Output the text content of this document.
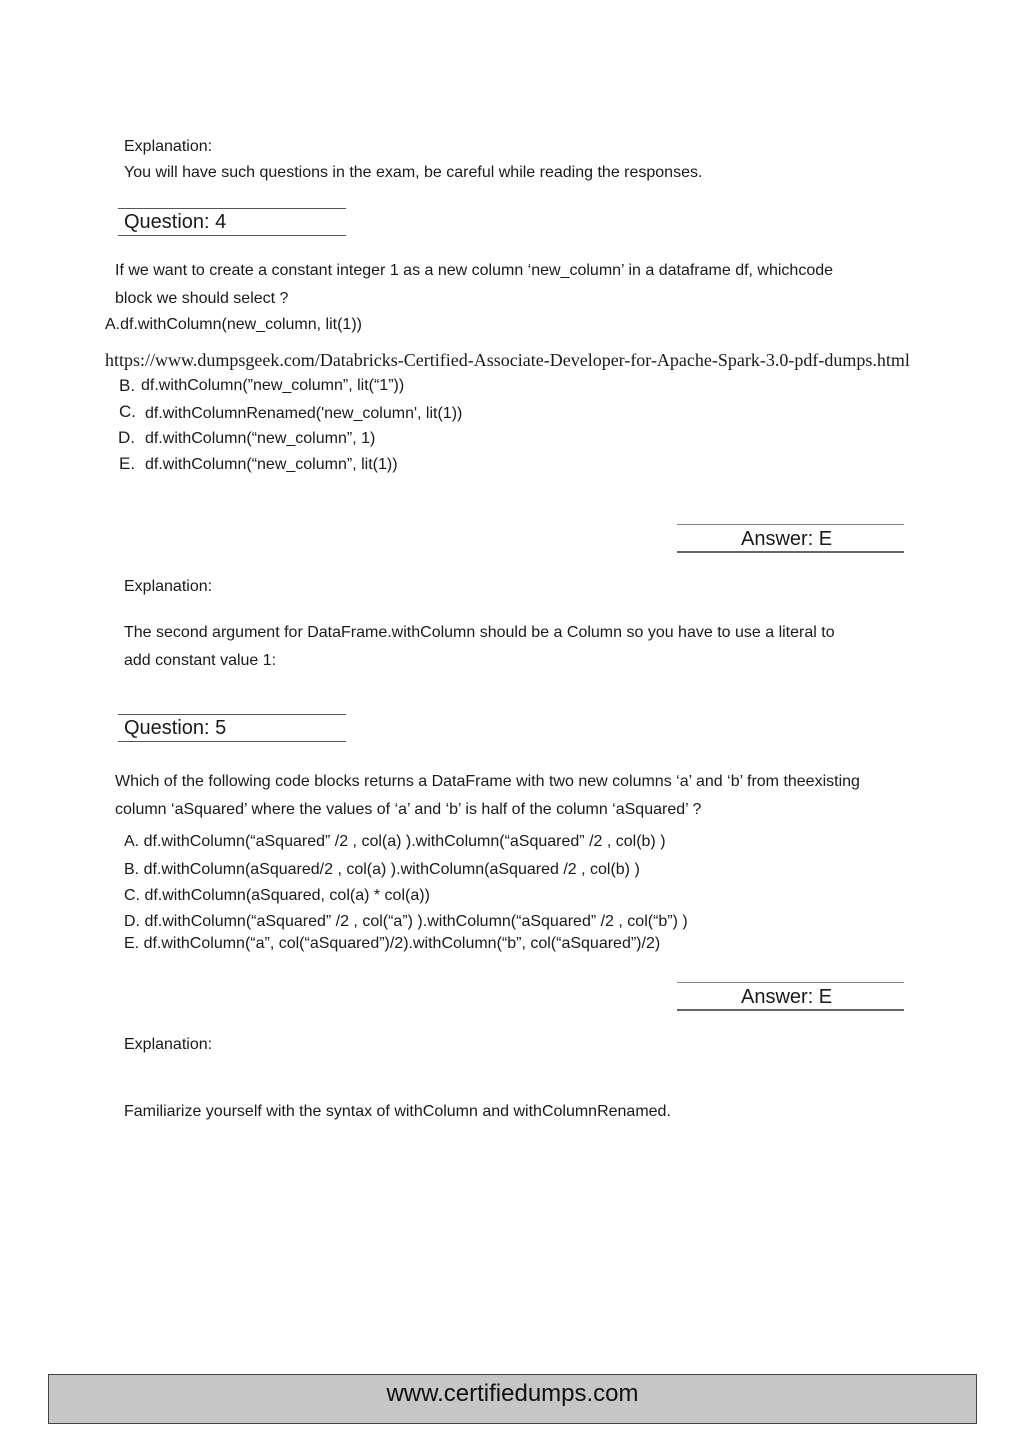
Explanation:
You will have such questions in the exam, be careful while reading the responses.
Question: 4
If we want to create a constant integer 1 as a new column ‘new_column’ in a dataframe df, whichcode
block we should select ?
A.df.withColumn(new_column, lit(1))
https://www.dumpsgeek.com/Databricks-Certified-Associate-Developer-for-Apache-Spark-3.0-pdf-dumps.html
B. df.withColumn(”new_column”, lit(“1”))
C. df.withColumnRenamed('new_column', lit(1))
D. df.withColumn(“new_column”, 1)
E. df.withColumn(“new_column”, lit(1))
Answer: E
Explanation:
The second argument for DataFrame.withColumn should be a Column so you have to use a literal to
add constant value 1:
Question: 5
Which of the following code blocks returns a DataFrame with two new columns ‘a’ and ‘b’ from theexisting
column ‘aSquared’ where the values of ‘a’ and ‘b’ is half of the column ‘aSquared’ ?
A. df.withColumn(“aSquared” /2 , col(a) ).withColumn(“aSquared” /2 , col(b) )
B. df.withColumn(aSquared/2 , col(a) ).withColumn(aSquared /2 , col(b) )
C. df.withColumn(aSquared, col(a) * col(a))
D. df.withColumn(“aSquared” /2 , col(“a”) ).withColumn(“aSquared” /2 , col(“b”) )
E. df.withColumn(“a”, col(“aSquared”)/2).withColumn(“b”, col(“aSquared”)/2)
Answer: E
Explanation:
Familiarize yourself with the syntax of withColumn and withColumnRenamed.
www.certifiedumps.com
